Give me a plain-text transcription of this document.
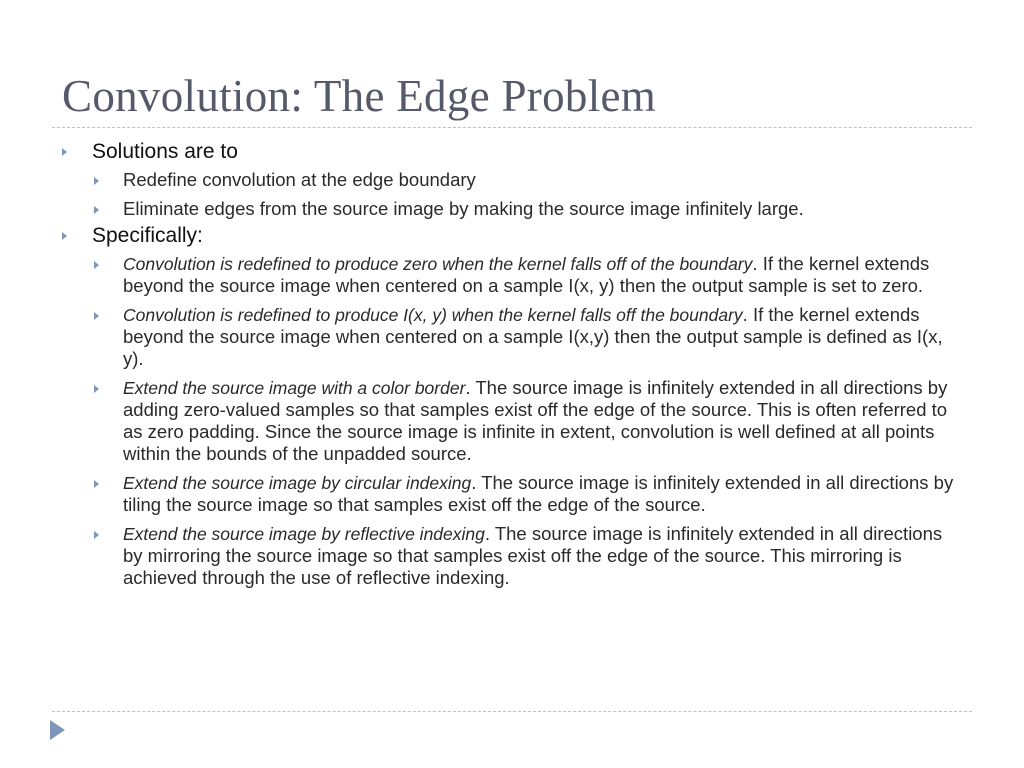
Convolution: The Edge Problem
Solutions are to
Redefine convolution at the edge boundary
Eliminate edges from the source image by making the source image infinitely large.
Specifically:
Convolution is redefined to produce zero when the kernel falls off of the boundary. If the kernel extends beyond the source image when centered on a sample I(x, y) then the output sample is set to zero.
Convolution is redefined to produce I(x, y) when the kernel falls off the boundary. If the kernel extends beyond the source image when centered on a sample I(x,y) then the output sample is defined as I(x, y).
Extend the source image with a color border. The source image is infinitely extended in all directions by adding zero-valued samples so that samples exist off the edge of the source. This is often referred to as zero padding. Since the source image is infinite in extent, convolution is well defined at all points within the bounds of the unpadded source.
Extend the source image by circular indexing. The source image is infinitely extended in all directions by tiling the source image so that samples exist off the edge of the source.
Extend the source image by reflective indexing. The source image is infinitely extended in all directions by mirroring the source image so that samples exist off the edge of the source. This mirroring is achieved through the use of reflective indexing.
